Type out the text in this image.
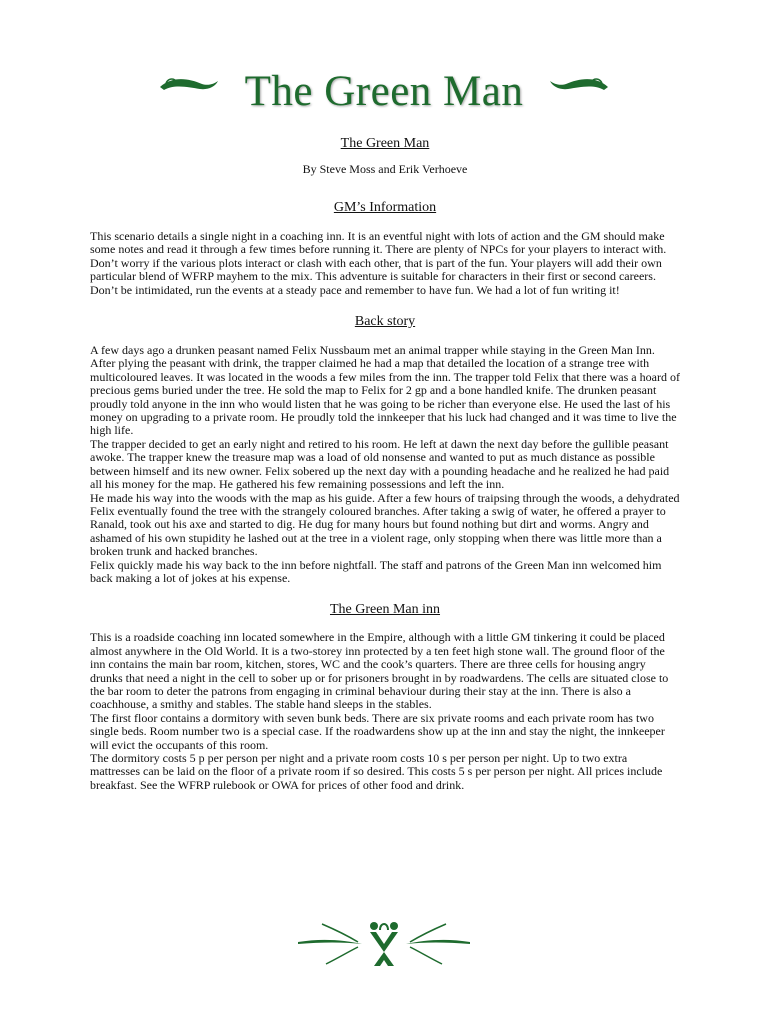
The Green Man
The Green Man

By Steve Moss and Erik Verhoeve

GM’s Information

This scenario details a single night in a coaching inn. It is an eventful night with lots of action and the GM should make some notes and read it through a few times before running it. There are plenty of NPCs for your players to interact with. Don’t worry if the various plots interact or clash with each other, that is part of the fun. Your players will add their own particular blend of WFRP mayhem to the mix. This adventure is suitable for characters in their first or second careers. Don’t be intimidated, run the events at a steady pace and remember to have fun. We had a lot of fun writing it!

Back story

A few days ago a drunken peasant named Felix Nussbaum met an animal trapper while staying in the Green Man Inn. After plying the peasant with drink, the trapper claimed he had a map that detailed the location of a strange tree with multicoloured leaves. It was located in the woods a few miles from the inn. The trapper told Felix that there was a hoard of precious gems buried under the tree. He sold the map to Felix for 2 gp and a bone handled knife. The drunken peasant proudly told anyone in the inn who would listen that he was going to be richer than everyone else. He used the last of his money on upgrading to a private room. He proudly told the innkeeper that his luck had changed and it was time to live the high life.

The trapper decided to get an early night and retired to his room. He left at dawn the next day before the gullible peasant awoke. The trapper knew the treasure map was a load of old nonsense and wanted to put as much distance as possible between himself and its new owner. Felix sobered up the next day with a pounding headache and he realized he had paid all his money for the map. He gathered his few remaining possessions and left the inn.

He made his way into the woods with the map as his guide. After a few hours of traipsing through the woods, a dehydrated Felix eventually found the tree with the strangely coloured branches. After taking a swig of water, he offered a prayer to Ranald, took out his axe and started to dig. He dug for many hours but found nothing but dirt and worms. Angry and ashamed of his own stupidity he lashed out at the tree in a violent rage, only stopping when there was little more than a broken trunk and hacked branches.

Felix quickly made his way back to the inn before nightfall. The staff and patrons of the Green Man inn welcomed him back making a lot of jokes at his expense.

The Green Man inn

This is a roadside coaching inn located somewhere in the Empire, although with a little GM tinkering it could be placed almost anywhere in the Old World. It is a two-storey inn protected by a ten feet high stone wall. The ground floor of the inn contains the main bar room, kitchen, stores, WC and the cook’s quarters. There are three cells for housing angry drunks that need a night in the cell to sober up or for prisoners brought in by roadwardens. The cells are situated close to the bar room to deter the patrons from engaging in criminal behaviour during their stay at the inn. There is also a coachhouse, a smithy and stables. The stable hand sleeps in the stables.

The first floor contains a dormitory with seven bunk beds. There are six private rooms and each private room has two single beds. Room number two is a special case. If the roadwardens show up at the inn and stay the night, the innkeeper will evict the occupants of this room.

The dormitory costs 5 p per person per night and a private room costs 10 s per person per night. Up to two extra mattresses can be laid on the floor of a private room if so desired. This costs 5 s per person per night. All prices include breakfast. See the WFRP rulebook or OWA for prices of other food and drink.
